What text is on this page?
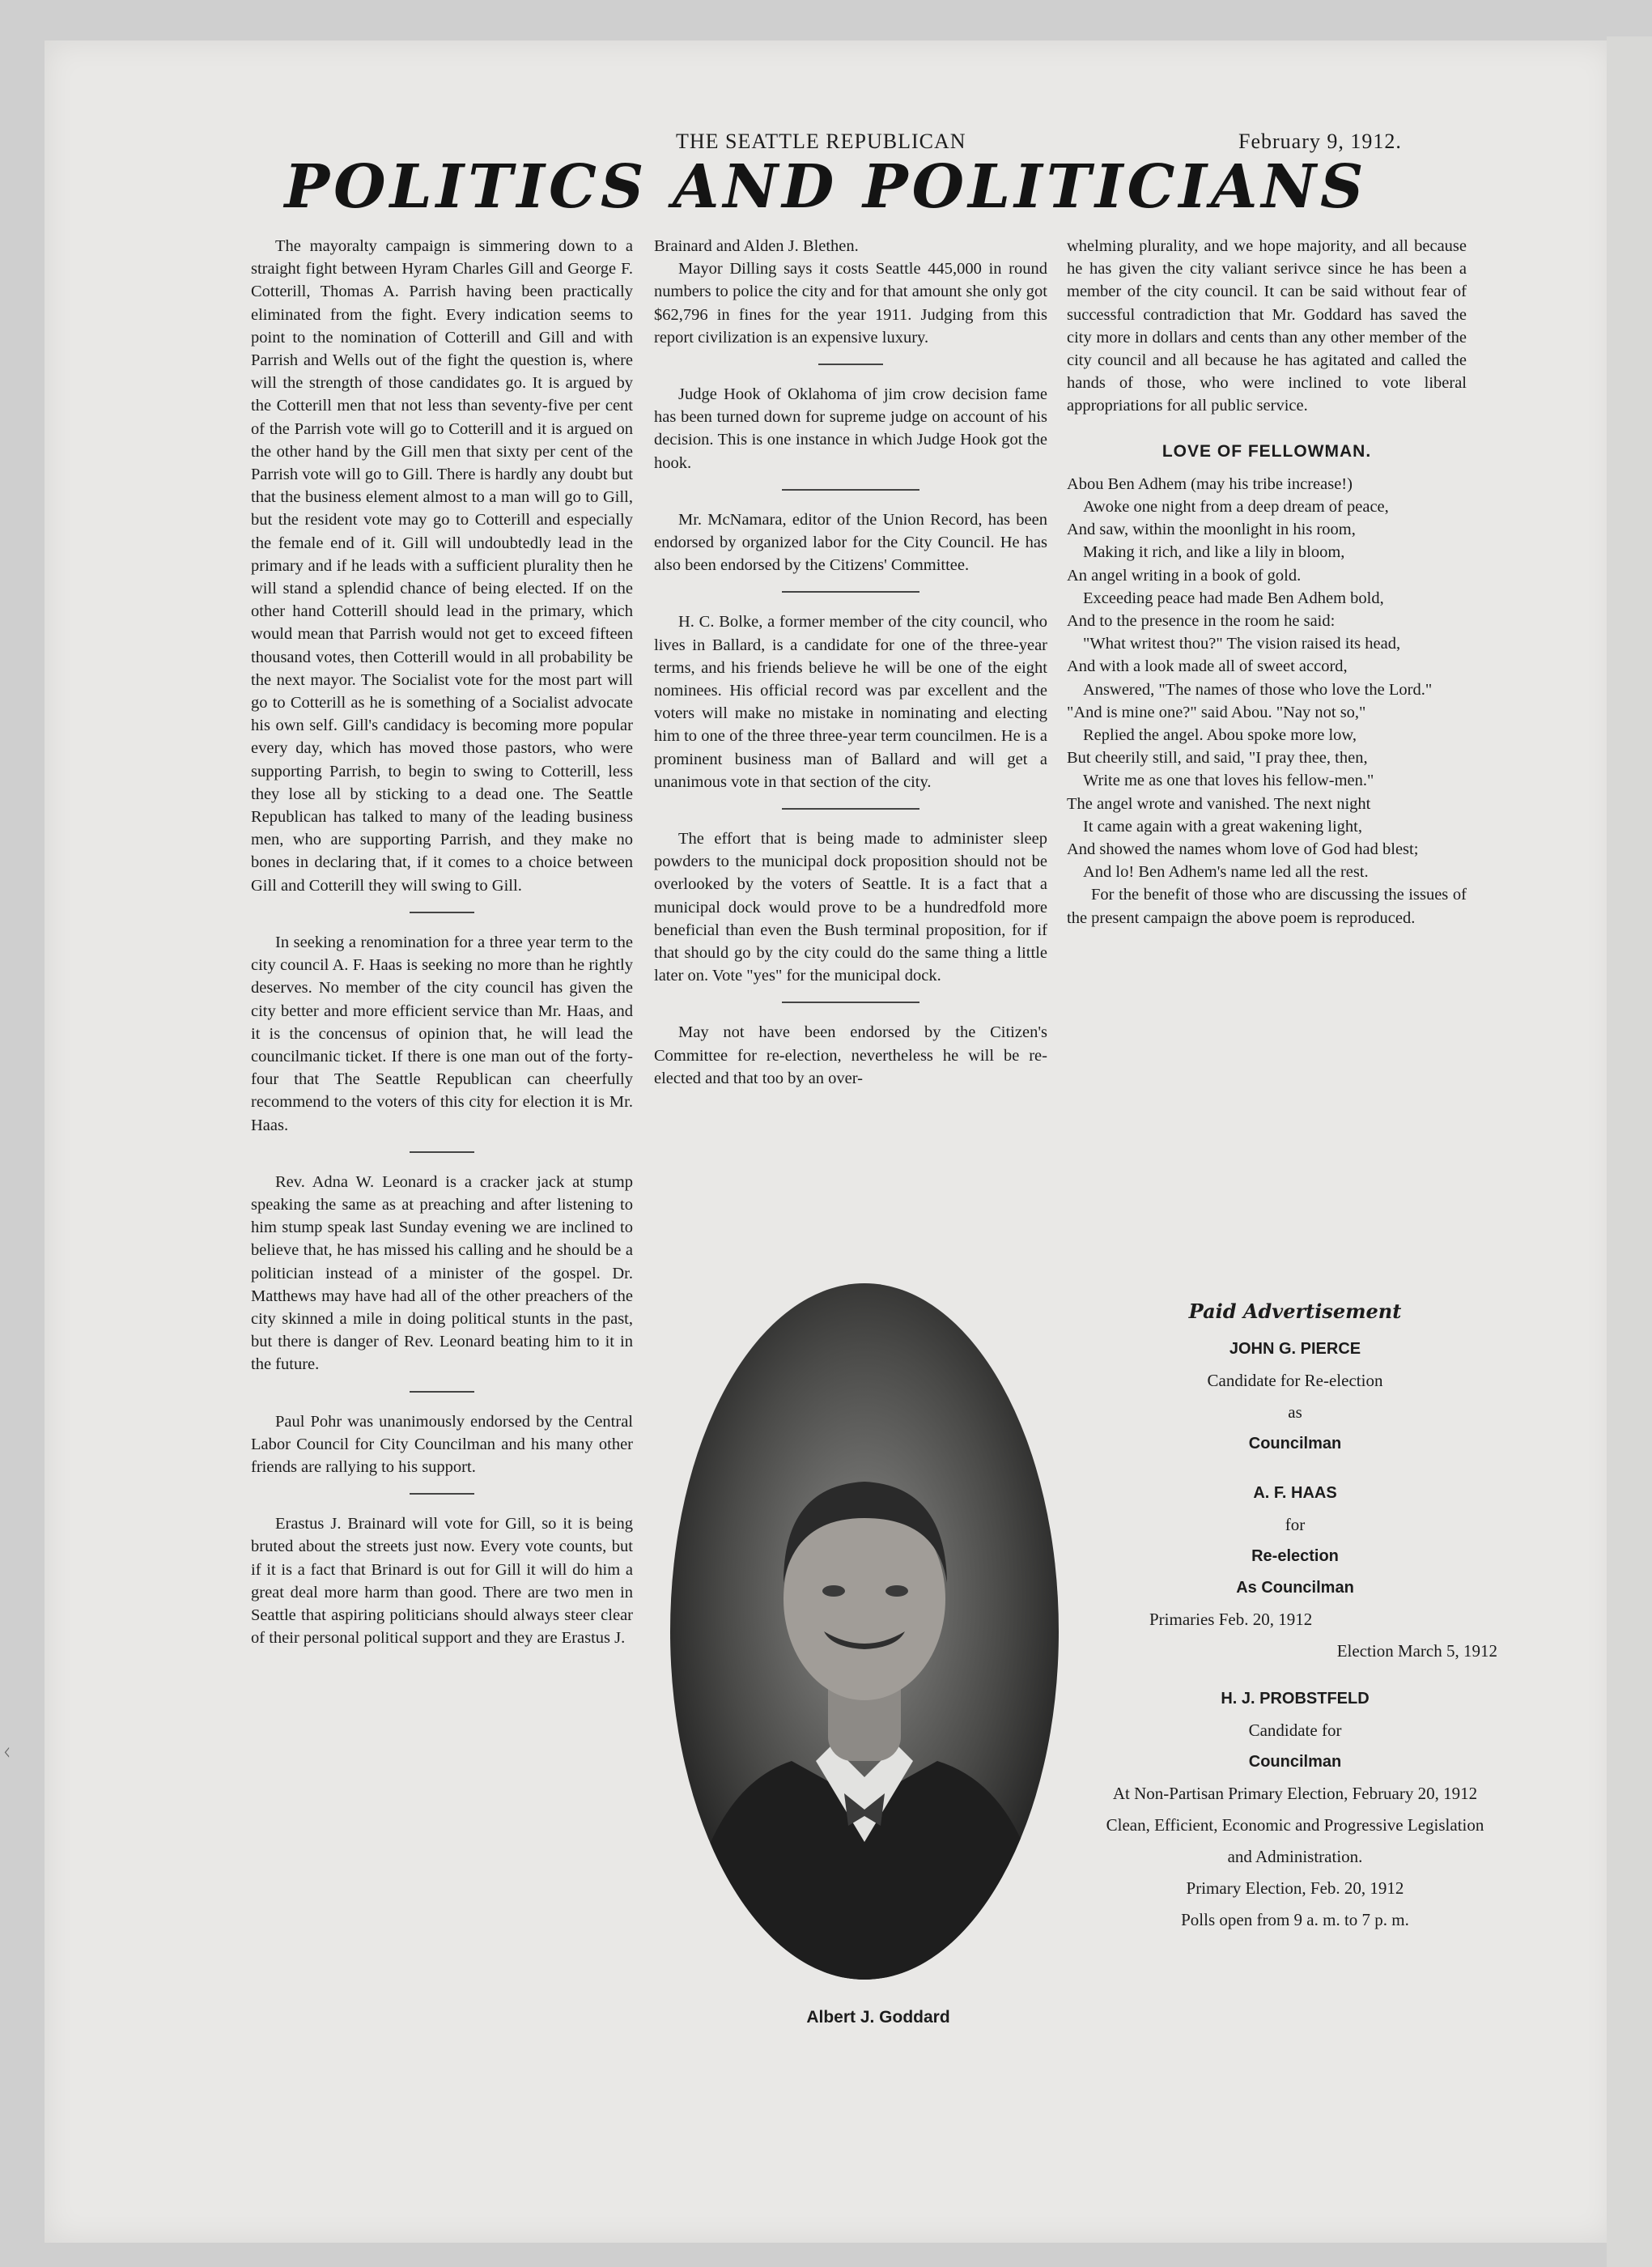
THE SEATTLE REPUBLICAN	February 9, 1912.
POLITICS AND POLITICIANS

The mayoralty campaign is simmering down to a straight fight between Hyram Charles Gill and George F. Cotterill, Thomas A. Parrish having been practically eliminated from the fight. Every indication seems to point to the nomination of Cotterill and Gill and with Parrish and Wells out of the fight the question is, where will the strength of those candidates go. It is argued by the Cotterill men that not less than seventy-five per cent of the Parrish vote will go to Cotterill and it is argued on the other hand by the Gill men that sixty per cent of the Parrish vote will go to Gill. There is hardly any doubt but that the business element almost to a man will go to Gill, but the resident vote may go to Cotterill and especially the female end of it. Gill will undoubtedly lead in the primary and if he leads with a sufficient plurality then he will stand a splendid chance of being elected. If on the other hand Cotterill should lead in the primary, which would mean that Parrish would not get to exceed fifteen thousand votes, then Cotterill would in all probability be the next mayor. The Socialist vote for the most part will go to Cotterill as he is something of a Socialist advocate his own self. Gill's candidacy is becoming more popular every day, which has moved those pastors, who were supporting Parrish, to begin to swing to Cotterill, less they lose all by sticking to a dead one. The Seattle Republican has talked to many of the leading business men, who are supporting Parrish, and they make no bones in declaring that, if it comes to a choice between Gill and Cotterill they will swing to Gill.

In seeking a renomination for a three year term to the city council A. F. Haas is seeking no more than he rightly deserves. No member of the city council has given the city better and more efficient service than Mr. Haas, and it is the concensus of opinion that, he will lead the councilmanic ticket. If there is one man out of the forty-four that The Seattle Republican can cheerfully recommend to the voters of this city for election it is Mr. Haas.

Rev. Adna W. Leonard is a cracker jack at stump speaking the same as at preaching and after listening to him stump speak last Sunday evening we are inclined to believe that, he has missed his calling and he should be a politician instead of a minister of the gospel. Dr. Matthews may have had all of the other preachers of the city skinned a mile in doing political stunts in the past, but there is danger of Rev. Leonard beating him to it in the future.

Paul Pohr was unanimously endorsed by the Central Labor Council for City Councilman and his many other friends are rallying to his support.

Erastus J. Brainard will vote for Gill, so it is being bruted about the streets just now. Every vote counts, but if it is a fact that Brinard is out for Gill it will do him a great deal more harm than good. There are two men in Seattle that aspiring politicians should always steer clear of their personal political support and they are Erastus J.

Brainard and Alden J. Blethen.

Mayor Dilling says it costs Seattle 445,000 in round numbers to police the city and for that amount she only got $62,796 in fines for the year 1911. Judging from this report civilization is an expensive luxury.

Judge Hook of Oklahoma of jim crow decision fame has been turned down for supreme judge on account of his decision. This is one instance in which Judge Hook got the hook.

Mr. McNamara, editor of the Union Record, has been endorsed by organized labor for the City Council. He has also been endorsed by the Citizens' Committee.

H. C. Bolke, a former member of the city council, who lives in Ballard, is a candidate for one of the three-year terms, and his friends believe he will be one of the eight nominees. His official record was par excellent and the voters will make no mistake in nominating and electing him to one of the three three-year term councilmen. He is a prominent business man of Ballard and will get a unanimous vote in that section of the city.

The effort that is being made to administer sleep powders to the municipal dock proposition should not be overlooked by the voters of Seattle. It is a fact that a municipal dock would prove to be a hundredfold more beneficial than even the Bush terminal proposition, for if that should go by the city could do the same thing a little later on. Vote "yes" for the municipal dock.

May not have been endorsed by the Citizen's Committee for re-election, nevertheless he will be re-elected and that too by an over-

whelming plurality, and we hope majority, and all because he has given the city valiant serivce since he has been a member of the city council. It can be said without fear of successful contradiction that Mr. Goddard has saved the city more in dollars and cents than any other member of the city council and all because he has agitated and called the hands of those, who were inclined to vote liberal appropriations for all public service.

LOVE OF FELLOWMAN.
Abou Ben Adhem (may his tribe increase!)
Awoke one night from a deep dream of peace,
And saw, within the moonlight in his room,
Making it rich, and like a lily in bloom,
An angel writing in a book of gold.
Exceeding peace had made Ben Adhem bold,
And to the presence in the room he said:
"What writest thou?" The vision raised its head,
And with a look made all of sweet accord,
Answered, "The names of those who love the Lord."
"And is mine one?" said Abou. "Nay not so,"
Replied the angel. Abou spoke more low,
But cheerily still, and said, "I pray thee, then,
Write me as one that loves his fellow-men."
The angel wrote and vanished. The next night
It came again with a great wakening light,
And showed the names whom love of God had blest;
And lo! Ben Adhem's name led all the rest.

For the benefit of those who are discussing the issues of the present campaign the above poem is reproduced.

Albert J. Goddard
Paid Advertisement
JOHN G. PIERCE
Candidate for Re-election
as
Councilman
A. F. HAAS
for
Re-election
As Councilman
Primaries Feb. 20, 1912
Election March 5, 1912
H. J. PROBSTFELD
Candidate for
Councilman
At Non-Partisan Primary Election, February 20, 1912
Clean, Efficient, Economic and Progressive Legislation and Administration.
Primary Election, Feb. 20, 1912
Polls open from 9 a. m. to 7 p. m.
ᚲ
